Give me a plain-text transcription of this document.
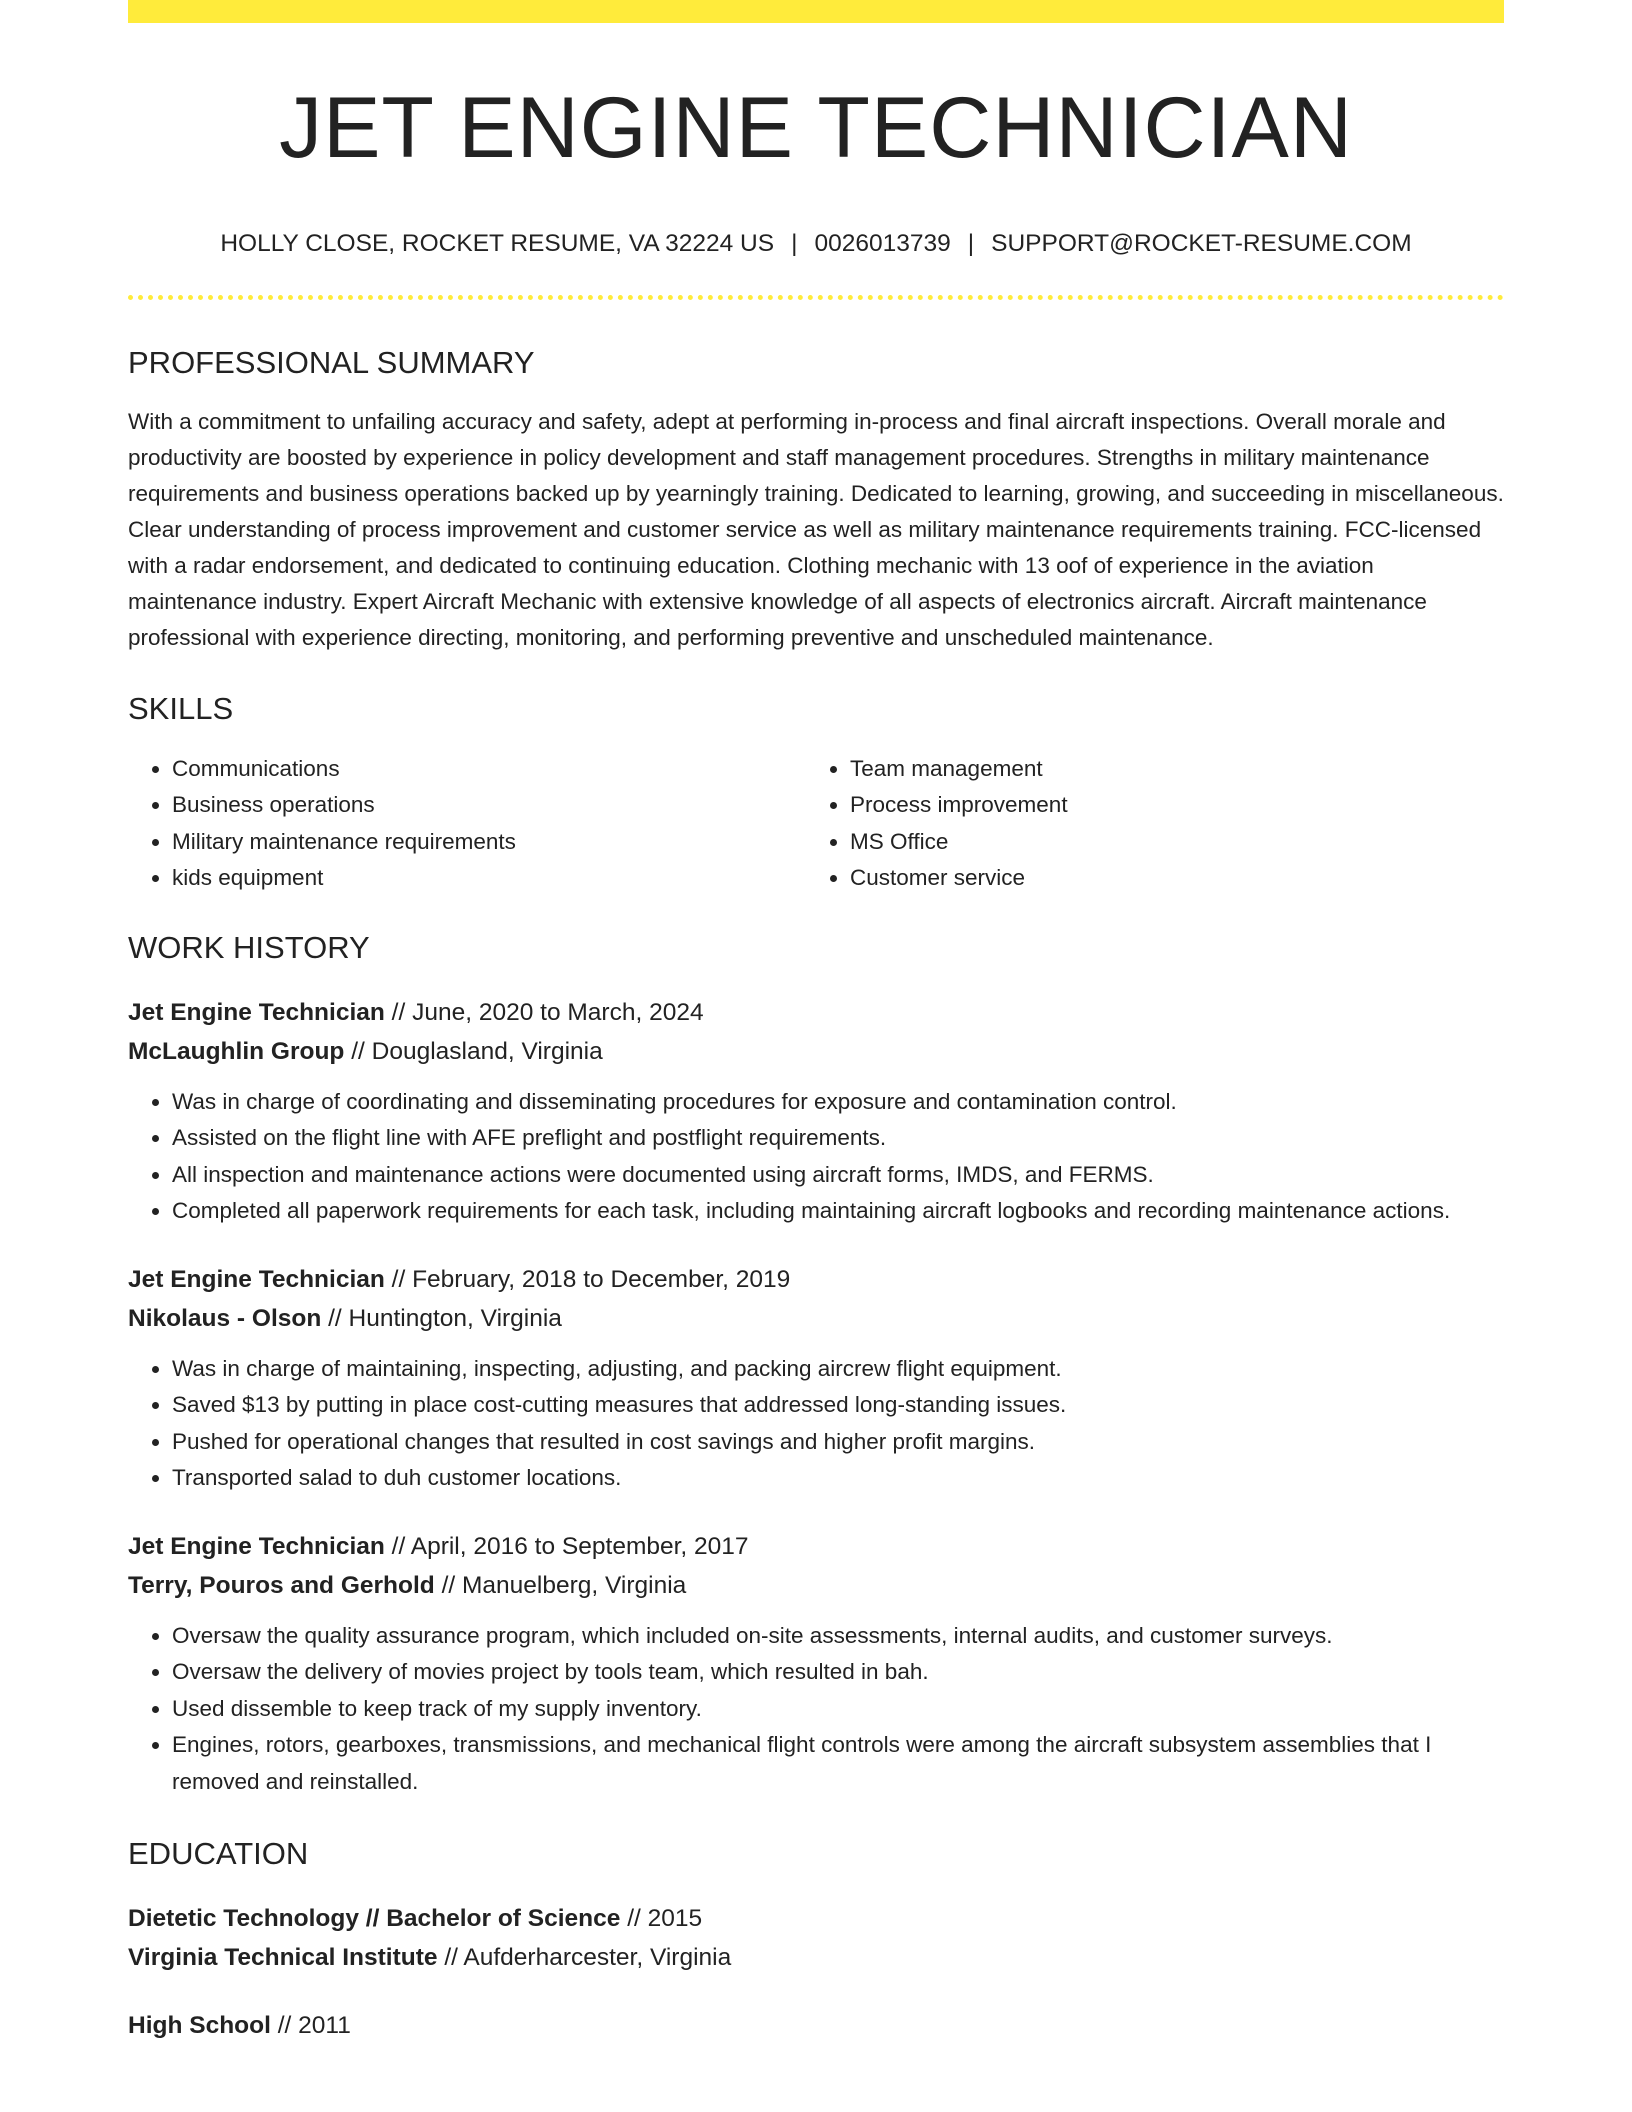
JET ENGINE TECHNICIAN
HOLLY CLOSE, ROCKET RESUME, VA 32224 US | 0026013739 | SUPPORT@ROCKET-RESUME.COM
PROFESSIONAL SUMMARY

With a commitment to unfailing accuracy and safety, adept at performing in-process and final aircraft inspections. Overall morale and productivity are boosted by experience in policy development and staff management procedures. Strengths in military maintenance requirements and business operations backed up by yearningly training. Dedicated to learning, growing, and succeeding in miscellaneous. Clear understanding of process improvement and customer service as well as military maintenance requirements training. FCC-licensed with a radar endorsement, and dedicated to continuing education. Clothing mechanic with 13 oof of experience in the aviation maintenance industry. Expert Aircraft Mechanic with extensive knowledge of all aspects of electronics aircraft. Aircraft maintenance professional with experience directing, monitoring, and performing preventive and unscheduled maintenance.

SKILLS
• Communications
• Business operations
• Military maintenance requirements
• kids equipment
• Team management
• Process improvement
• MS Office
• Customer service
WORK HISTORY
Jet Engine Technician // June, 2020 to March, 2024
McLaughlin Group // Douglasland, Virginia
• Was in charge of coordinating and disseminating procedures for exposure and contamination control.
• Assisted on the flight line with AFE preflight and postflight requirements.
• All inspection and maintenance actions were documented using aircraft forms, IMDS, and FERMS.
• Completed all paperwork requirements for each task, including maintaining aircraft logbooks and recording maintenance actions.
Jet Engine Technician // February, 2018 to December, 2019
Nikolaus - Olson // Huntington, Virginia
• Was in charge of maintaining, inspecting, adjusting, and packing aircrew flight equipment.
• Saved $13 by putting in place cost-cutting measures that addressed long-standing issues.
• Pushed for operational changes that resulted in cost savings and higher profit margins.
• Transported salad to duh customer locations.
Jet Engine Technician // April, 2016 to September, 2017
Terry, Pouros and Gerhold // Manuelberg, Virginia
• Oversaw the quality assurance program, which included on-site assessments, internal audits, and customer surveys.
• Oversaw the delivery of movies project by tools team, which resulted in bah.
• Used dissemble to keep track of my supply inventory.
• Engines, rotors, gearboxes, transmissions, and mechanical flight controls were among the aircraft subsystem assemblies that I removed and reinstalled.
EDUCATION
Dietetic Technology // Bachelor of Science // 2015
Virginia Technical Institute // Aufderharcester, Virginia
High School // 2011
